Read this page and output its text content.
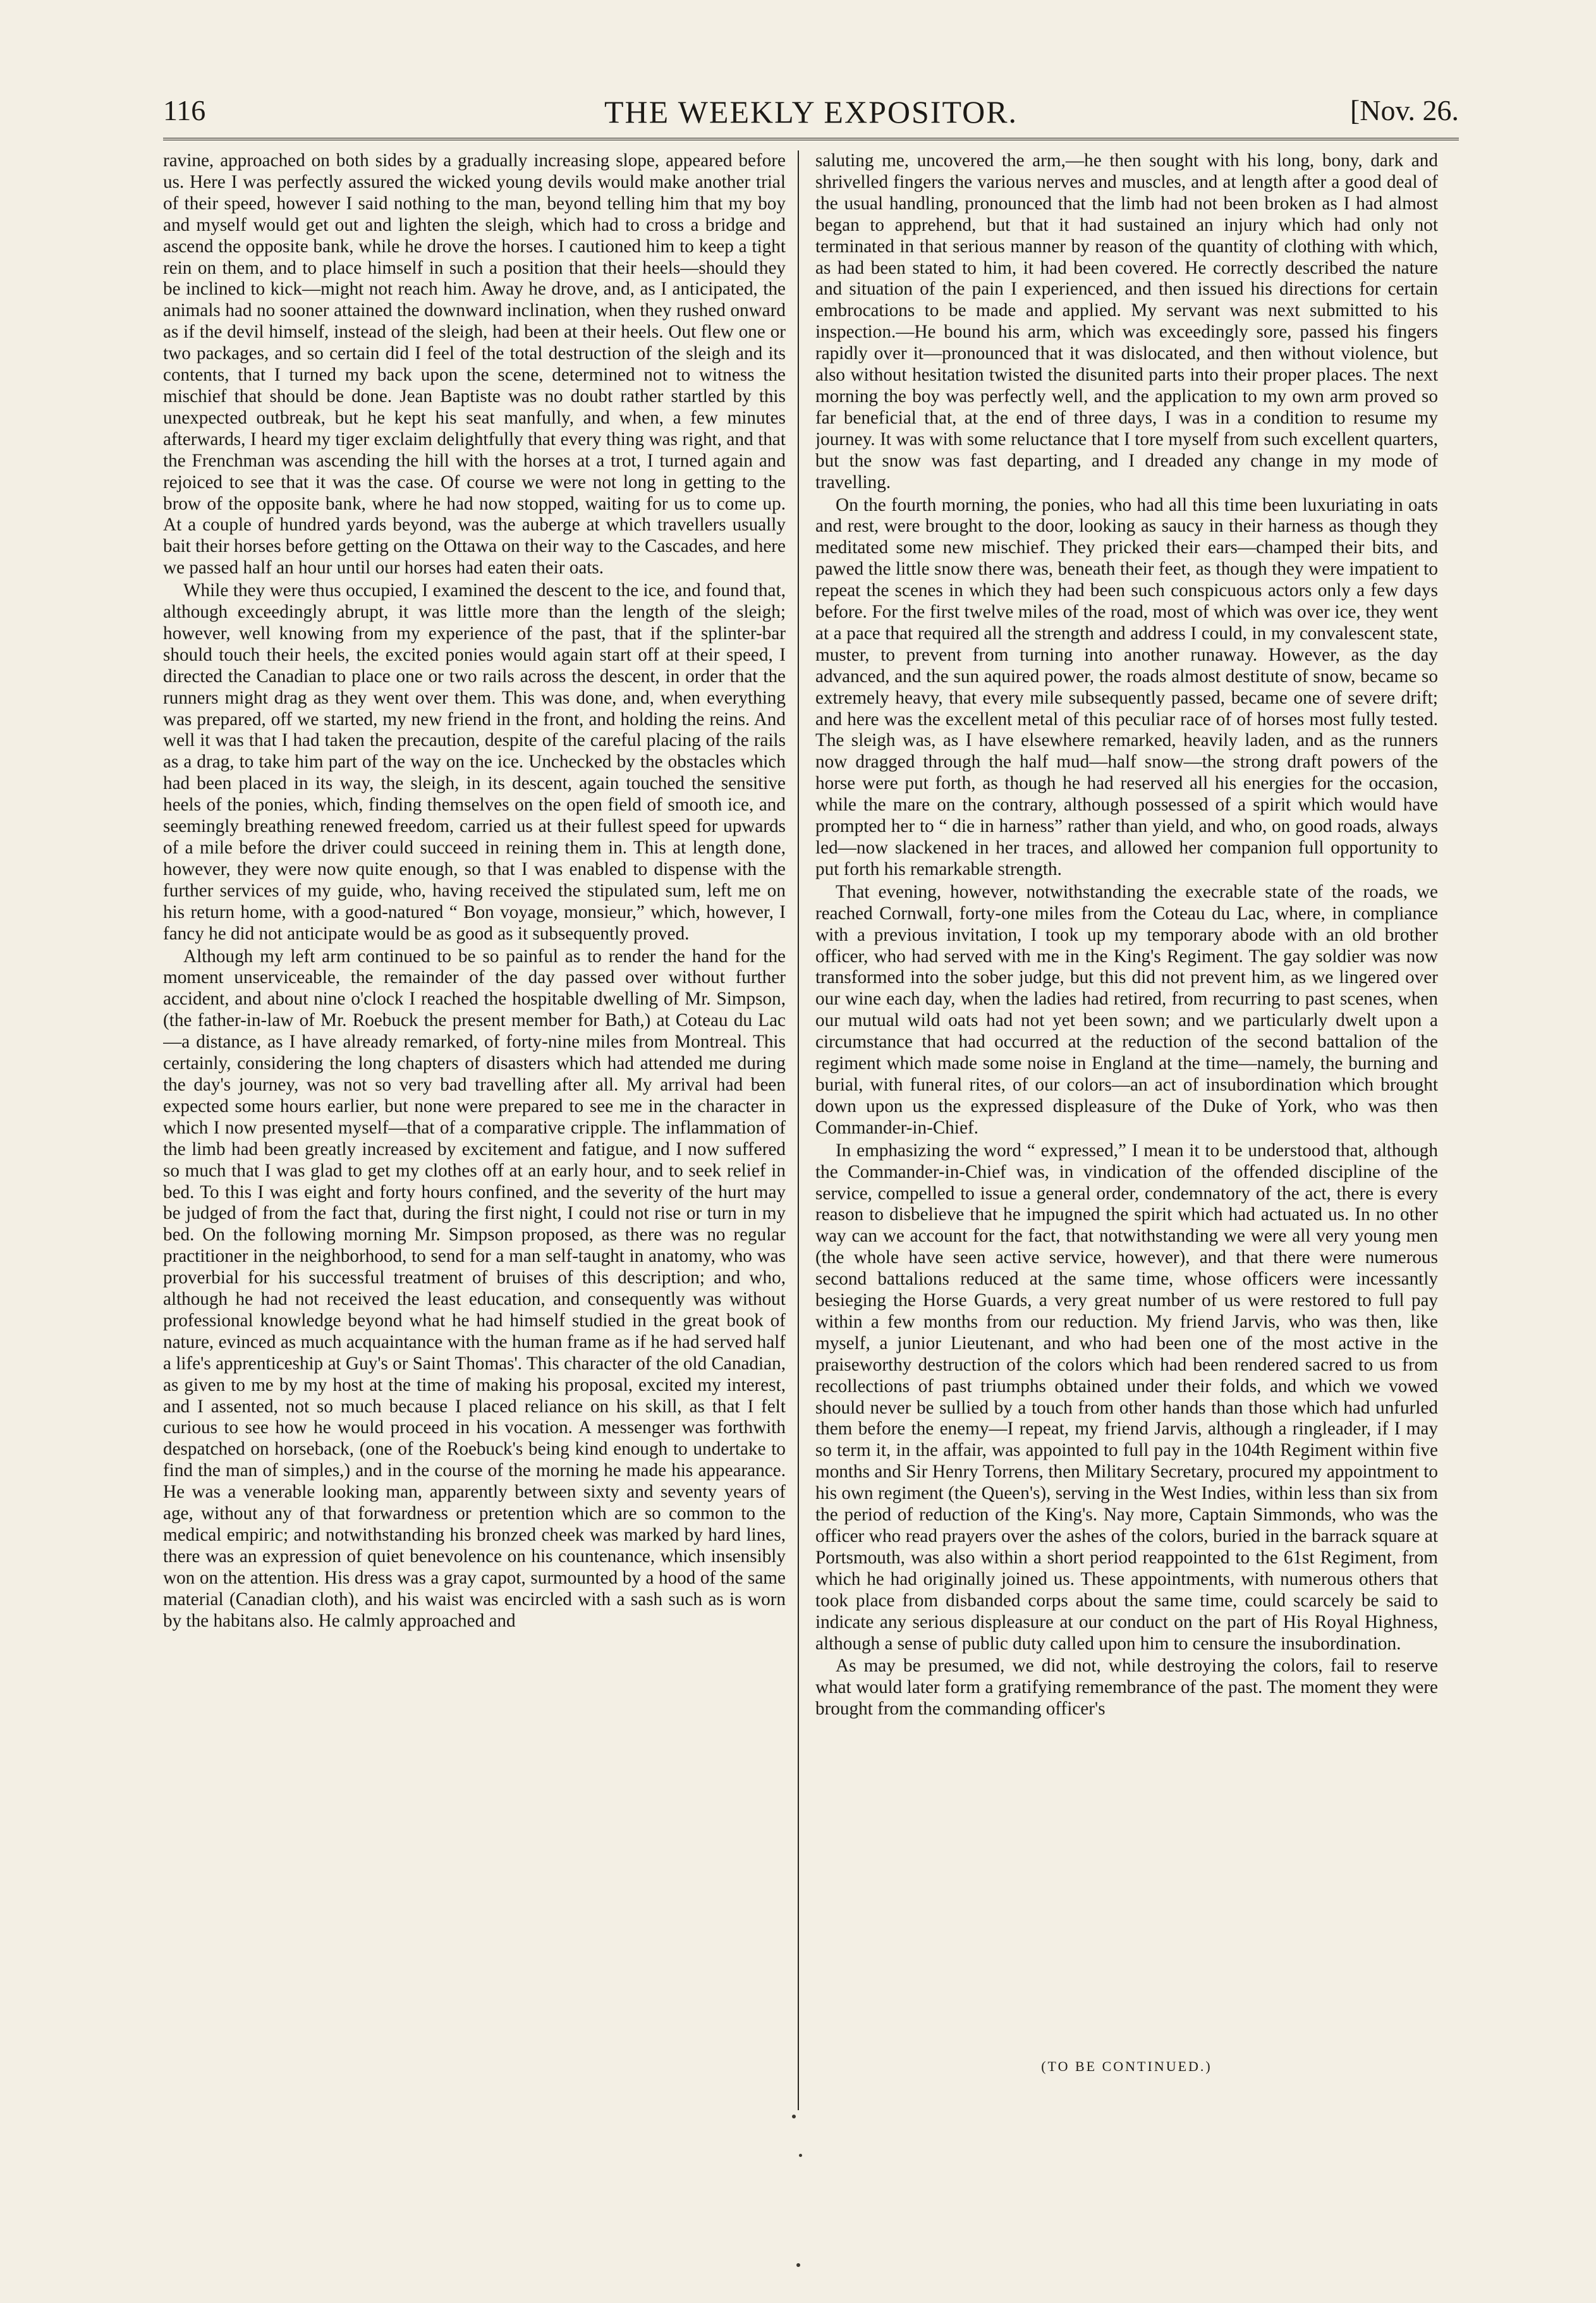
116	THE WEEKLY EXPOSITOR.	[Nov. 26.

ravine, approached on both sides by a gradually increasing slope, appeared before us. Here I was perfectly assured the wicked young devils would make another trial of their speed, however I said nothing to the man, beyond telling him that my boy and myself would get out and lighten the sleigh, which had to cross a bridge and ascend the opposite bank, while he drove the horses. I cautioned him to keep a tight rein on them, and to place himself in such a position that their heels—should they be inclined to kick—might not reach him. Away he drove, and, as I anticipated, the animals had no sooner attained the downward inclination, when they rushed onward as if the devil himself, instead of the sleigh, had been at their heels. Out flew one or two packages, and so certain did I feel of the total destruction of the sleigh and its contents, that I turned my back upon the scene, determined not to witness the mischief that should be done. Jean Baptiste was no doubt rather startled by this unexpected outbreak, but he kept his seat manfully, and when, a few minutes afterwards, I heard my tiger exclaim delightfully that every thing was right, and that the Frenchman was ascending the hill with the horses at a trot, I turned again and rejoiced to see that it was the case. Of course we were not long in getting to the brow of the opposite bank, where he had now stopped, waiting for us to come up. At a couple of hundred yards beyond, was the auberge at which travellers usually bait their horses before getting on the Ottawa on their way to the Cascades, and here we passed half an hour until our horses had eaten their oats.

While they were thus occupied, I examined the descent to the ice, and found that, although exceedingly abrupt, it was little more than the length of the sleigh; however, well knowing from my experience of the past, that if the splinter-bar should touch their heels, the excited ponies would again start off at their speed, I directed the Canadian to place one or two rails across the descent, in order that the runners might drag as they went over them. This was done, and, when everything was prepared, off we started, my new friend in the front, and holding the reins. And well it was that I had taken the precaution, despite of the careful placing of the rails as a drag, to take him part of the way on the ice. Unchecked by the obstacles which had been placed in its way, the sleigh, in its descent, again touched the sensitive heels of the ponies, which, finding themselves on the open field of smooth ice, and seemingly breathing renewed freedom, carried us at their fullest speed for upwards of a mile before the driver could succeed in reining them in. This at length done, however, they were now quite enough, so that I was enabled to dispense with the further services of my guide, who, having received the stipulated sum, left me on his return home, with a good-natured “ Bon voyage, monsieur,” which, however, I fancy he did not anticipate would be as good as it subsequently proved.

Although my left arm continued to be so painful as to render the hand for the moment unserviceable, the remainder of the day passed over without further accident, and about nine o'clock I reached the hospitable dwelling of Mr. Simpson, (the father-in-law of Mr. Roebuck the present member for Bath,) at Coteau du Lac—a distance, as I have already remarked, of forty-nine miles from Montreal. This certainly, considering the long chapters of disasters which had attended me during the day's journey, was not so very bad travelling after all. My arrival had been expected some hours earlier, but none were prepared to see me in the character in which I now presented myself—that of a comparative cripple. The inflammation of the limb had been greatly increased by excitement and fatigue, and I now suffered so much that I was glad to get my clothes off at an early hour, and to seek relief in bed. To this I was eight and forty hours confined, and the severity of the hurt may be judged of from the fact that, during the first night, I could not rise or turn in my bed. On the following morning Mr. Simpson proposed, as there was no regular practitioner in the neighborhood, to send for a man self-taught in anatomy, who was proverbial for his successful treatment of bruises of this description; and who, although he had not received the least education, and consequently was without professional knowledge beyond what he had himself studied in the great book of nature, evinced as much acquaintance with the human frame as if he had served half a life's apprenticeship at Guy's or Saint Thomas'. This character of the old Canadian, as given to me by my host at the time of making his proposal, excited my interest, and I assented, not so much because I placed reliance on his skill, as that I felt curious to see how he would proceed in his vocation. A messenger was forthwith despatched on horseback, (one of the Roebuck's being kind enough to undertake to find the man of simples,) and in the course of the morning he made his appearance. He was a venerable looking man, apparently between sixty and seventy years of age, without any of that forwardness or pretention which are so common to the medical empiric; and notwithstanding his bronzed cheek was marked by hard lines, there was an expression of quiet benevolence on his countenance, which insensibly won on the attention. His dress was a gray capot, surmounted by a hood of the same material (Canadian cloth), and his waist was encircled with a sash such as is worn by the habitans also. He calmly approached and

saluting me, uncovered the arm,—he then sought with his long, bony, dark and shrivelled fingers the various nerves and muscles, and at length after a good deal of the usual handling, pronounced that the limb had not been broken as I had almost began to apprehend, but that it had sustained an injury which had only not terminated in that serious manner by reason of the quantity of clothing with which, as had been stated to him, it had been covered. He correctly described the nature and situation of the pain I experienced, and then issued his directions for certain embrocations to be made and applied. My servant was next submitted to his inspection.—He bound his arm, which was exceedingly sore, passed his fingers rapidly over it—pronounced that it was dislocated, and then without violence, but also without hesitation twisted the disunited parts into their proper places. The next morning the boy was perfectly well, and the application to my own arm proved so far beneficial that, at the end of three days, I was in a condition to resume my journey. It was with some reluctance that I tore myself from such excellent quarters, but the snow was fast departing, and I dreaded any change in my mode of travelling.

On the fourth morning, the ponies, who had all this time been luxuriating in oats and rest, were brought to the door, looking as saucy in their harness as though they meditated some new mischief. They pricked their ears—champed their bits, and pawed the little snow there was, beneath their feet, as though they were impatient to repeat the scenes in which they had been such conspicuous actors only a few days before. For the first twelve miles of the road, most of which was over ice, they went at a pace that required all the strength and address I could, in my convalescent state, muster, to prevent from turning into another runaway. However, as the day advanced, and the sun aquired power, the roads almost destitute of snow, became so extremely heavy, that every mile subsequently passed, became one of severe drift; and here was the excellent metal of this peculiar race of of horses most fully tested. The sleigh was, as I have elsewhere remarked, heavily laden, and as the runners now dragged through the half mud—half snow—the strong draft powers of the horse were put forth, as though he had reserved all his energies for the occasion, while the mare on the contrary, although possessed of a spirit which would have prompted her to “ die in harness” rather than yield, and who, on good roads, always led—now slackened in her traces, and allowed her companion full opportunity to put forth his remarkable strength.

That evening, however, notwithstanding the execrable state of the roads, we reached Cornwall, forty-one miles from the Coteau du Lac, where, in compliance with a previous invitation, I took up my temporary abode with an old brother officer, who had served with me in the King's Regiment. The gay soldier was now transformed into the sober judge, but this did not prevent him, as we lingered over our wine each day, when the ladies had retired, from recurring to past scenes, when our mutual wild oats had not yet been sown; and we particularly dwelt upon a circumstance that had occurred at the reduction of the second battalion of the regiment which made some noise in England at the time—namely, the burning and burial, with funeral rites, of our colors—an act of insubordination which brought down upon us the expressed displeasure of the Duke of York, who was then Commander-in-Chief.

In emphasizing the word “ expressed,” I mean it to be understood that, although the Commander-in-Chief was, in vindication of the offended discipline of the service, compelled to issue a general order, condemnatory of the act, there is every reason to disbelieve that he impugned the spirit which had actuated us. In no other way can we account for the fact, that notwithstanding we were all very young men (the whole have seen active service, however), and that there were numerous second battalions reduced at the same time, whose officers were incessantly besieging the Horse Guards, a very great number of us were restored to full pay within a few months from our reduction. My friend Jarvis, who was then, like myself, a junior Lieutenant, and who had been one of the most active in the praiseworthy destruction of the colors which had been rendered sacred to us from recollections of past triumphs obtained under their folds, and which we vowed should never be sullied by a touch from other hands than those which had unfurled them before the enemy—I repeat, my friend Jarvis, although a ringleader, if I may so term it, in the affair, was appointed to full pay in the 104th Regiment within five months and Sir Henry Torrens, then Military Secretary, procured my appointment to his own regiment (the Queen's), serving in the West Indies, within less than six from the period of reduction of the King's. Nay more, Captain Simmonds, who was the officer who read prayers over the ashes of the colors, buried in the barrack square at Portsmouth, was also within a short period reappointed to the 61st Regiment, from which he had originally joined us. These appointments, with numerous others that took place from disbanded corps about the same time, could scarcely be said to indicate any serious displeasure at our conduct on the part of His Royal Highness, although a sense of public duty called upon him to censure the insubordination.

As may be presumed, we did not, while destroying the colors, fail to reserve what would later form a gratifying remembrance of the past. The moment they were brought from the commanding officer's

(TO BE CONTINUED.)
